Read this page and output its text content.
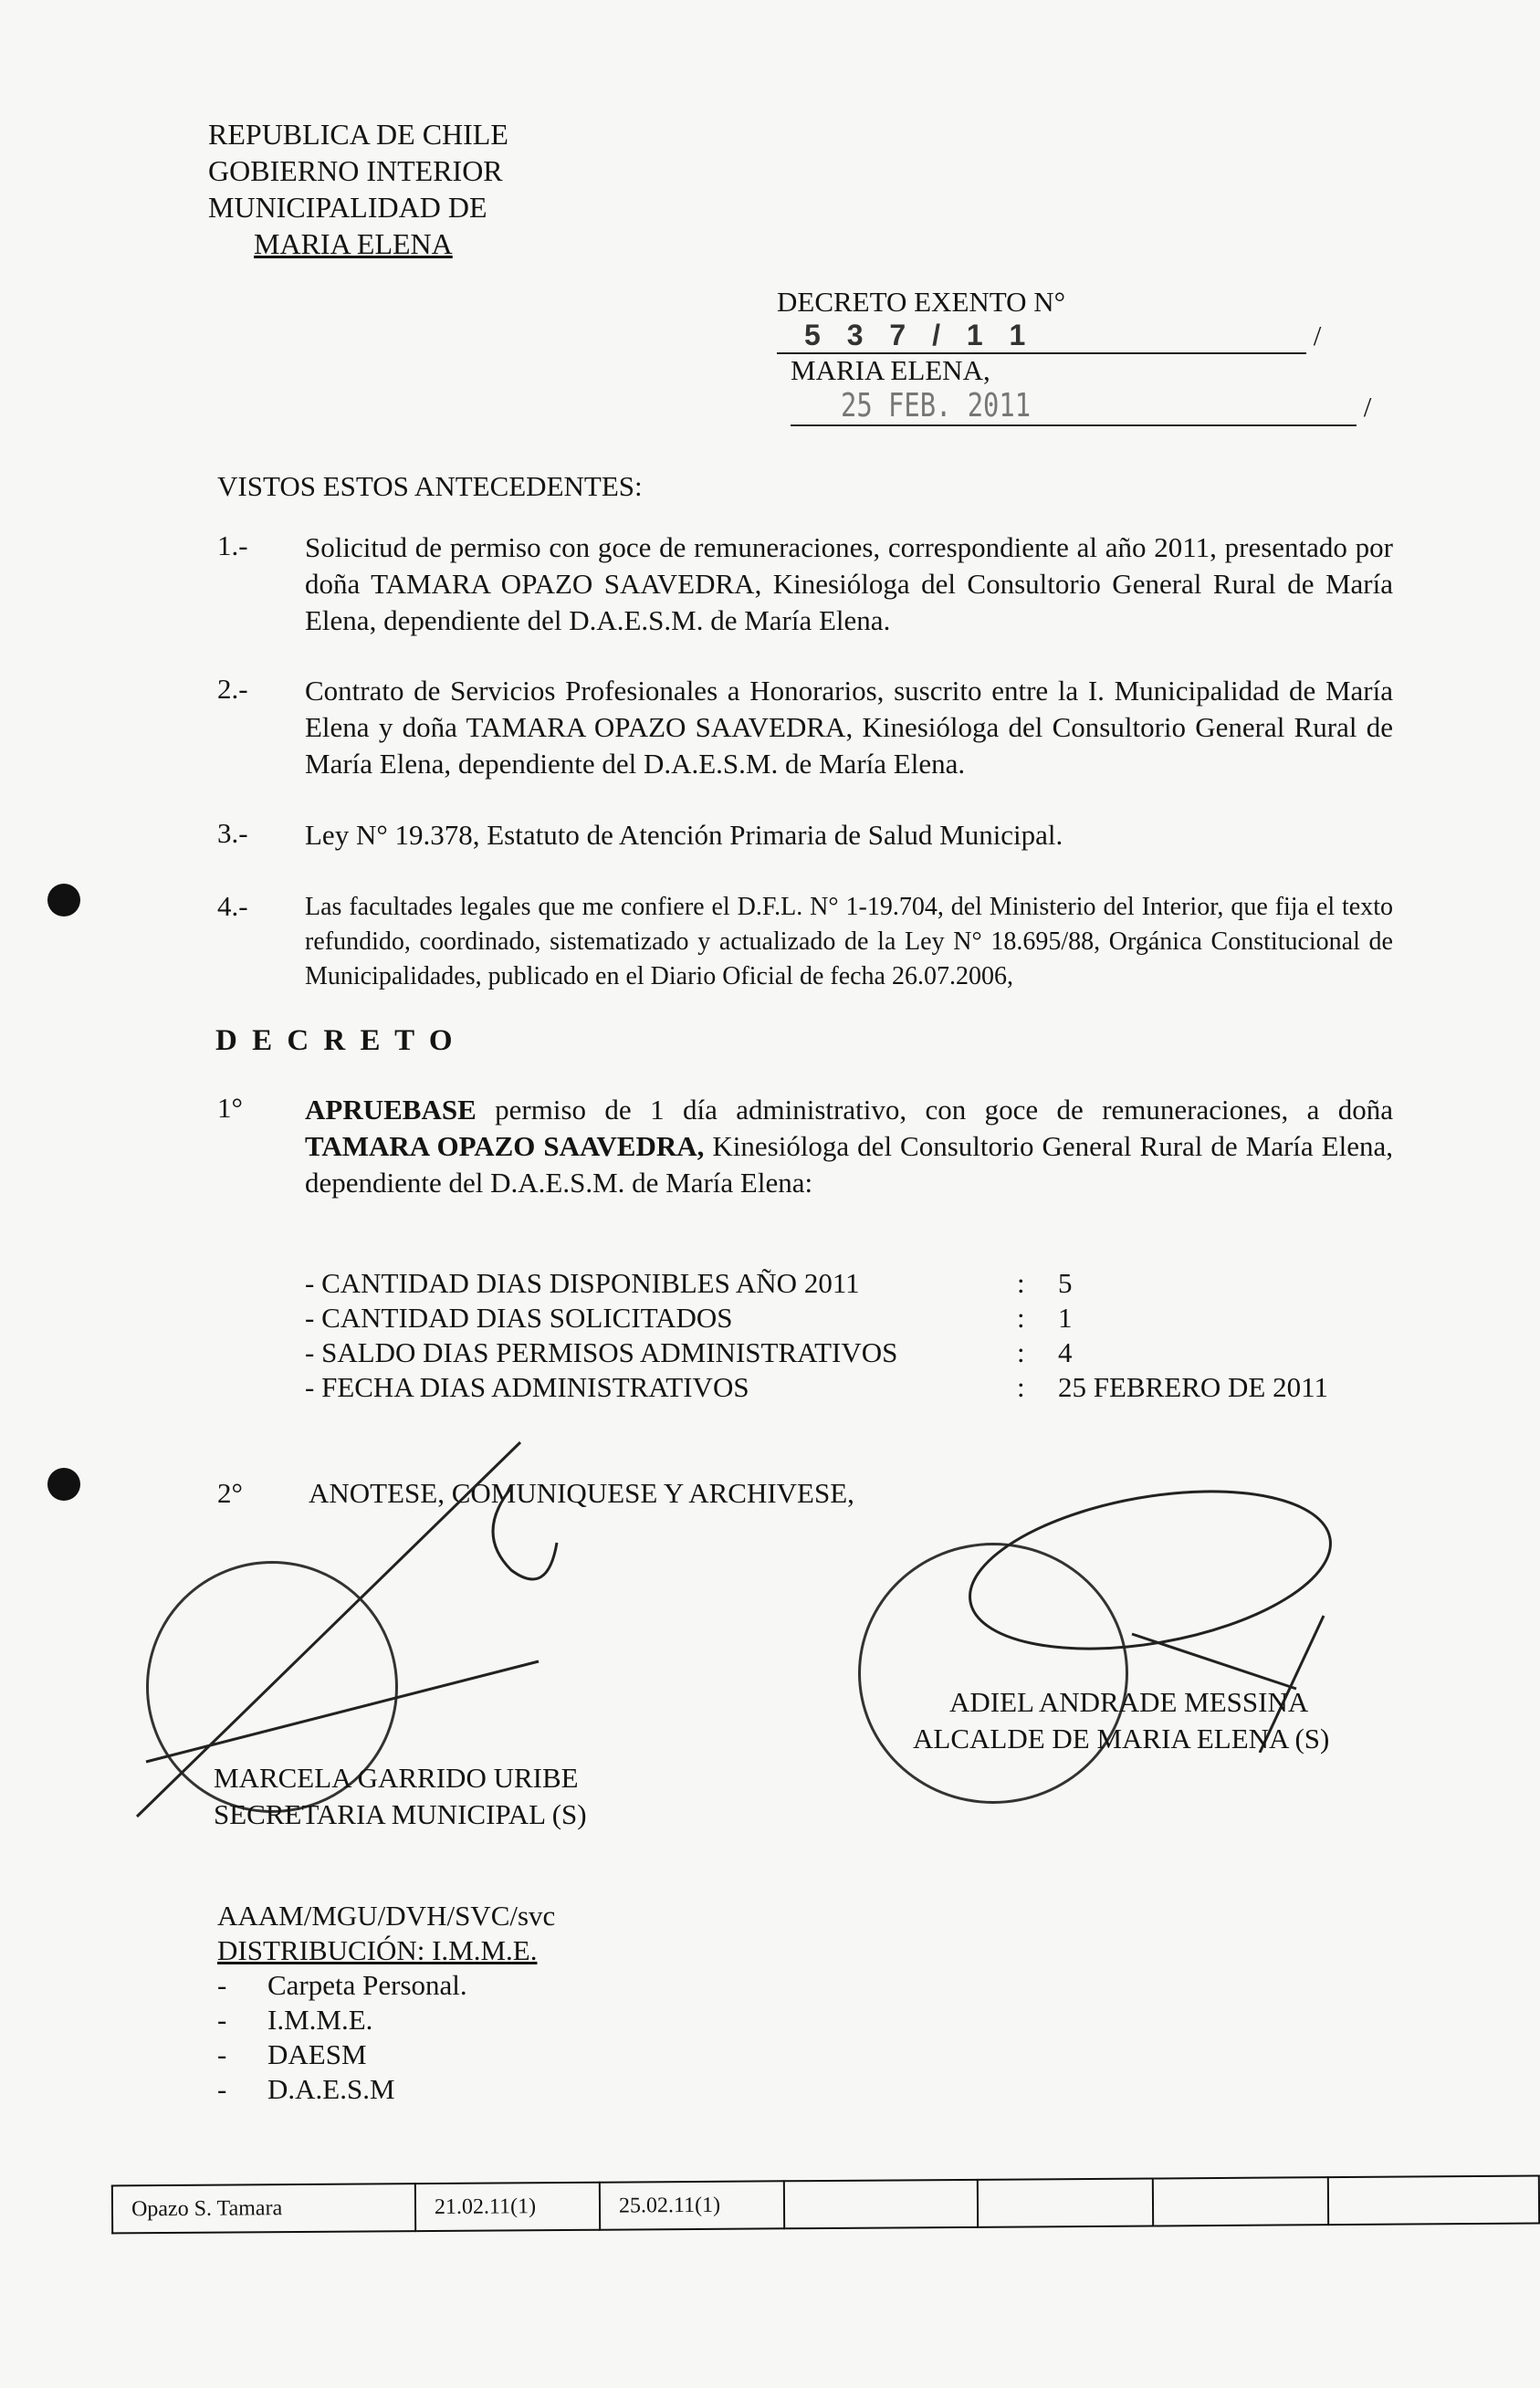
REPUBLICA DE CHILE
GOBIERNO INTERIOR
MUNICIPALIDAD DE
MARIA ELENA
DECRETO EXENTO N° 5 3 7 / 1 1	/
MARIA ELENA,25 FEB. 2011	/
VISTOS ESTOS ANTECEDENTES:
1.- Solicitud de permiso con goce de remuneraciones, correspondiente al año 2011, presentado por doña TAMARA OPAZO SAAVEDRA, Kinesióloga del Consultorio General Rural de María Elena, dependiente del D.A.E.S.M. de María Elena.
2.- Contrato de Servicios Profesionales a Honorarios, suscrito entre la I. Municipalidad de María Elena y doña TAMARA OPAZO SAAVEDRA, Kinesióloga del Consultorio General Rural de María Elena, dependiente del D.A.E.S.M. de María Elena.
3.- Ley N° 19.378, Estatuto de Atención Primaria de Salud Municipal.
4.- Las facultades legales que me confiere el D.F.L. N° 1-19.704, del Ministerio del Interior, que fija el texto refundido, coordinado, sistematizado y actualizado de la Ley N° 18.695/88, Orgánica Constitucional de Municipalidades, publicado en el Diario Oficial de fecha 26.07.2006,
D E C R E T O
1° APRUEBASE permiso de 1 día administrativo, con goce de remuneraciones, a doña TAMARA OPAZO SAAVEDRA, Kinesióloga del Consultorio General Rural de María Elena, dependiente del D.A.E.S.M. de María Elena:
- CANTIDAD DIAS DISPONIBLES AÑO 2011	:	5
- CANTIDAD DIAS SOLICITADOS	:	1
- SALDO DIAS PERMISOS ADMINISTRATIVOS	:	4
- FECHA DIAS ADMINISTRATIVOS	:	25 FEBRERO DE 2011
2° ANOTESE, COMUNIQUESE Y ARCHIVESE,
MARCELA GARRIDO URIBE
SECRETARIA MUNICIPAL (S)
ADIEL ANDRADE MESSINA
ALCALDE DE MARIA ELENA (S)
AAAM/MGU/DVH/SVC/svc
DISTRIBUCIÓN: I.M.M.E.
- Carpeta Personal.
- I.M.M.E.
- DAESM
- D.A.E.S.M
Opazo S. Tamara	21.02.11(1)	25.02.11(1)				
